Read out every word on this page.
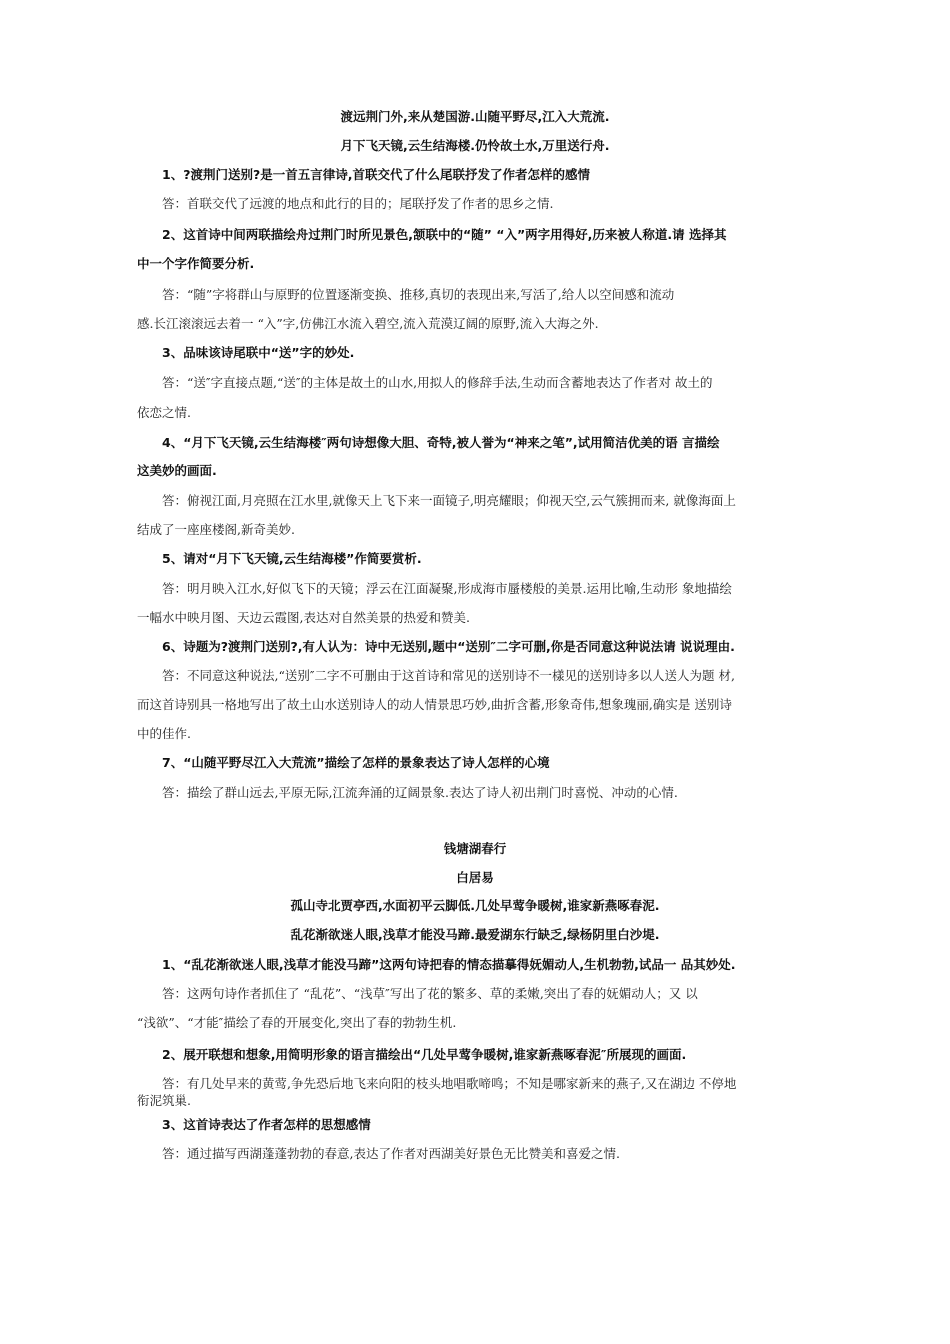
渡远荆门外,来从楚国游.山随平野尽,江入大荒流.
月下飞天镜,云生结海楼.仍怜故土水,万里送行舟.
1、?渡荆门送别?是一首五言律诗,首联交代了什么尾联抒发了作者怎样的感情
答：首联交代了远渡的地点和此行的目的；尾联抒发了作者的思乡之情.
2、这首诗中间两联描绘舟过荆门时所见景色,颔联中的“随” “入”两字用得好,历来被人称道.请 选择其
中一个字作简要分析.
答：“随”字将群山与原野的位置逐渐变换、推移,真切的表现出来,写活了,给人以空间感和流动
感.长江滚滚远去着一 “入”字,仿佛江水流入碧空,流入荒漠辽阔的原野,流入大海之外.
3、品味该诗尾联中“送”字的妙处.
答：“送″字直接点题,“送″的主体是故土的山水,用拟人的修辞手法,生动而含蓄地表达了作者对 故土的
依恋之情.
4、“月下飞天镜,云生结海楼″两句诗想像大胆、奇特,被人誉为“神来之笔”,试用简洁优美的语 言描绘
这美妙的画面.
答：俯视江面,月亮照在江水里,就像天上飞下来一面镜子,明亮耀眼；仰视天空,云气簇拥而来, 就像海面上
结成了一座座楼阁,新奇美妙.
5、请对“月下飞天镜,云生结海楼”作简要赏析.
答：明月映入江水,好似飞下的天镜；浮云在江面凝聚,形成海市蜃楼般的美景.运用比喻,生动形 象地描绘
一幅水中映月图、天边云霞图,表达对自然美景的热爱和赞美.
6、诗题为?渡荆门送别?,有人认为：诗中无送别,题中“送别″二字可删,你是否同意这种说法请 说说理由.
答：不同意这种说法,“送别″二字不可删由于这首诗和常见的送别诗不一樣见的送别诗多以人送人为题 材,
而这首诗别具一格地写出了故土山水送别诗人的动人情景思巧妙,曲折含蓄,形象奇伟,想象瑰丽,确实是 送别诗
中的佳作.
7、“山随平野尽江入大荒流”描绘了怎样的景象表达了诗人怎样的心境
答：描绘了群山远去,平原无际,江流奔涌的辽阔景象.表达了诗人初出荆门时喜悦、冲动的心情.
钱塘湖春行
白居易
孤山寺北贾亭西,水面初平云脚低.几处早莺争暖树,谁家新燕啄春泥.
乱花渐欲迷人眼,浅草才能没马蹄.最爱湖东行缺乏,绿杨阴里白沙堤.
1、“乱花渐欲迷人眼,浅草才能没马蹄”这两句诗把春的情态描摹得妩媚动人,生机勃勃,试品一 品其妙处.
答：这两句诗作者抓住了 “乱花”、“浅草″写出了花的繁多、草的柔嫩,突出了春的妩媚动人；又 以
“浅欲”、“才能″描绘了春的开展变化,突出了春的勃勃生机.
2、展开联想和想象,用简明形象的语言描绘出“几处早莺争暖树,谁家新燕啄春泥″所展现的画面.
答：有几处早来的黄莺,争先恐后地飞来向阳的枝头地唱歌啼鸣；不知是哪家新来的燕子,又在湖边 不停地
衔泥筑巢.
3、这首诗表达了作者怎样的思想感情
答：通过描写西湖蓬蓬勃勃的春意,表达了作者对西湖美好景色无比赞美和喜爱之情.
